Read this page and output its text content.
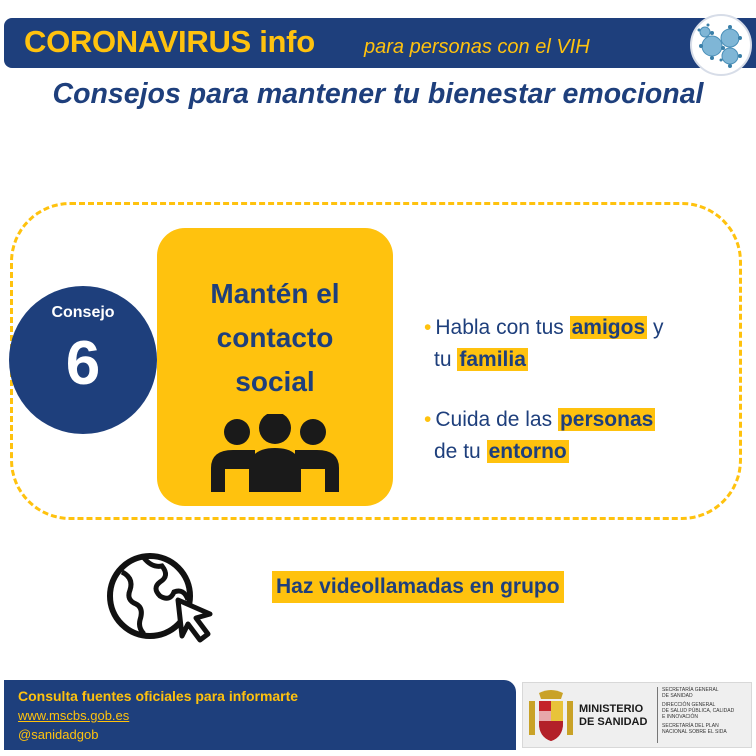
CORONAVIRUS info para personas con el VIH
Consejos para mantener tu bienestar emocional
Consejo
6
Mantén el
contacto
social
• Habla con tus amigos y
tu familia
• Cuida de las personas
de tu entorno
Haz videollamadas en grupo
Consulta fuentes oficiales para informarte
www.mscbs.gob.es
@sanidadgob
MINISTERIO
DE SANIDAD
SECRETARÍA GENERAL
DE SANIDAD
DIRECCIÓN GENERAL
DE SALUD PÚBLICA, CALIDAD
E INNOVACIÓN
SECRETARÍA DEL PLAN
NACIONAL SOBRE EL SIDA
